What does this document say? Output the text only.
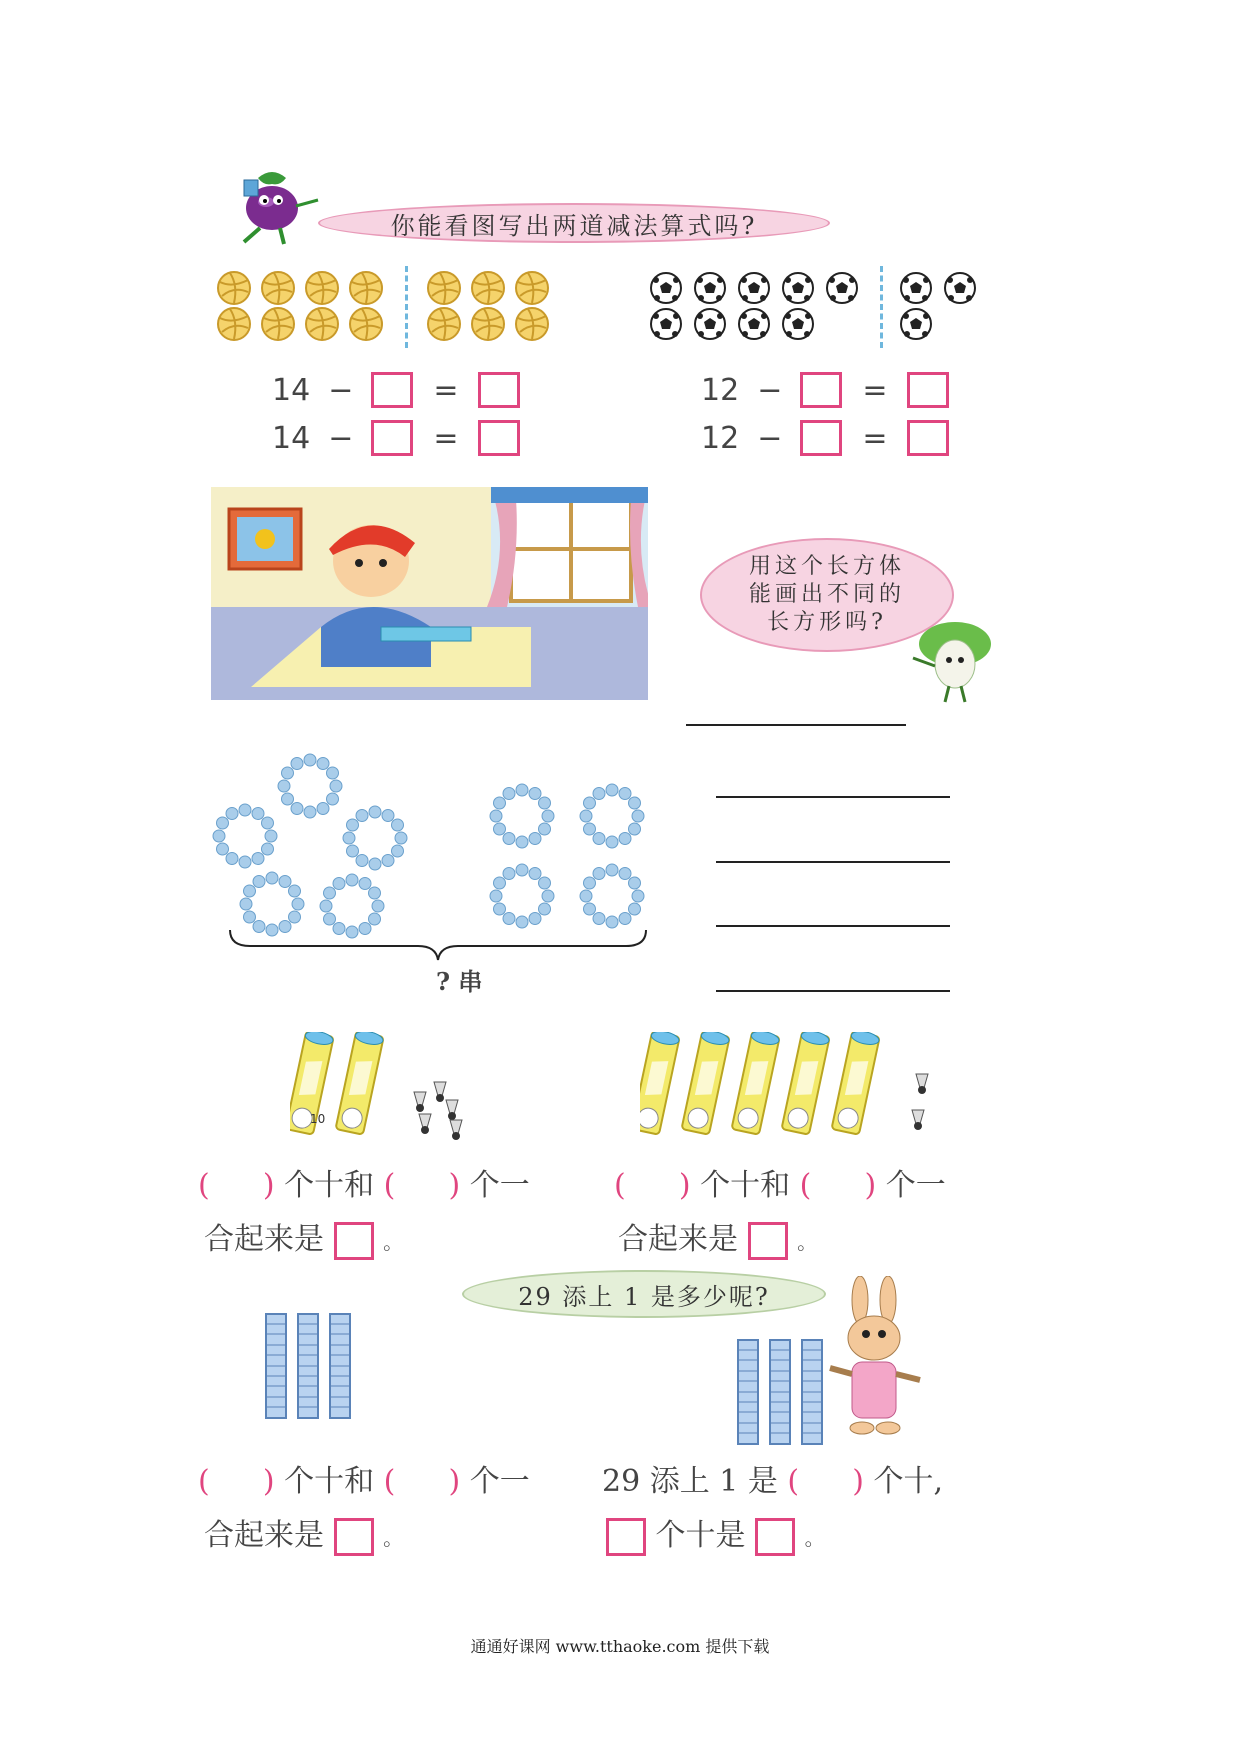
你能看图写出两道减法算式吗?
14 −	=
14 −	=
12 −	=
12 −	=
用这个长方体
能画出不同的
长方形吗?
? 串
10
( ) 个十和 ( ) 个一
合起来是	。
( ) 个十和 ( ) 个一
合起来是	。
29 添上 1 是多少呢?
( ) 个十和 ( ) 个一
合起来是	。
29 添上 1 是 ( ) 个十,
个十是	。
通通好课网 www.tthaoke.com 提供下载
